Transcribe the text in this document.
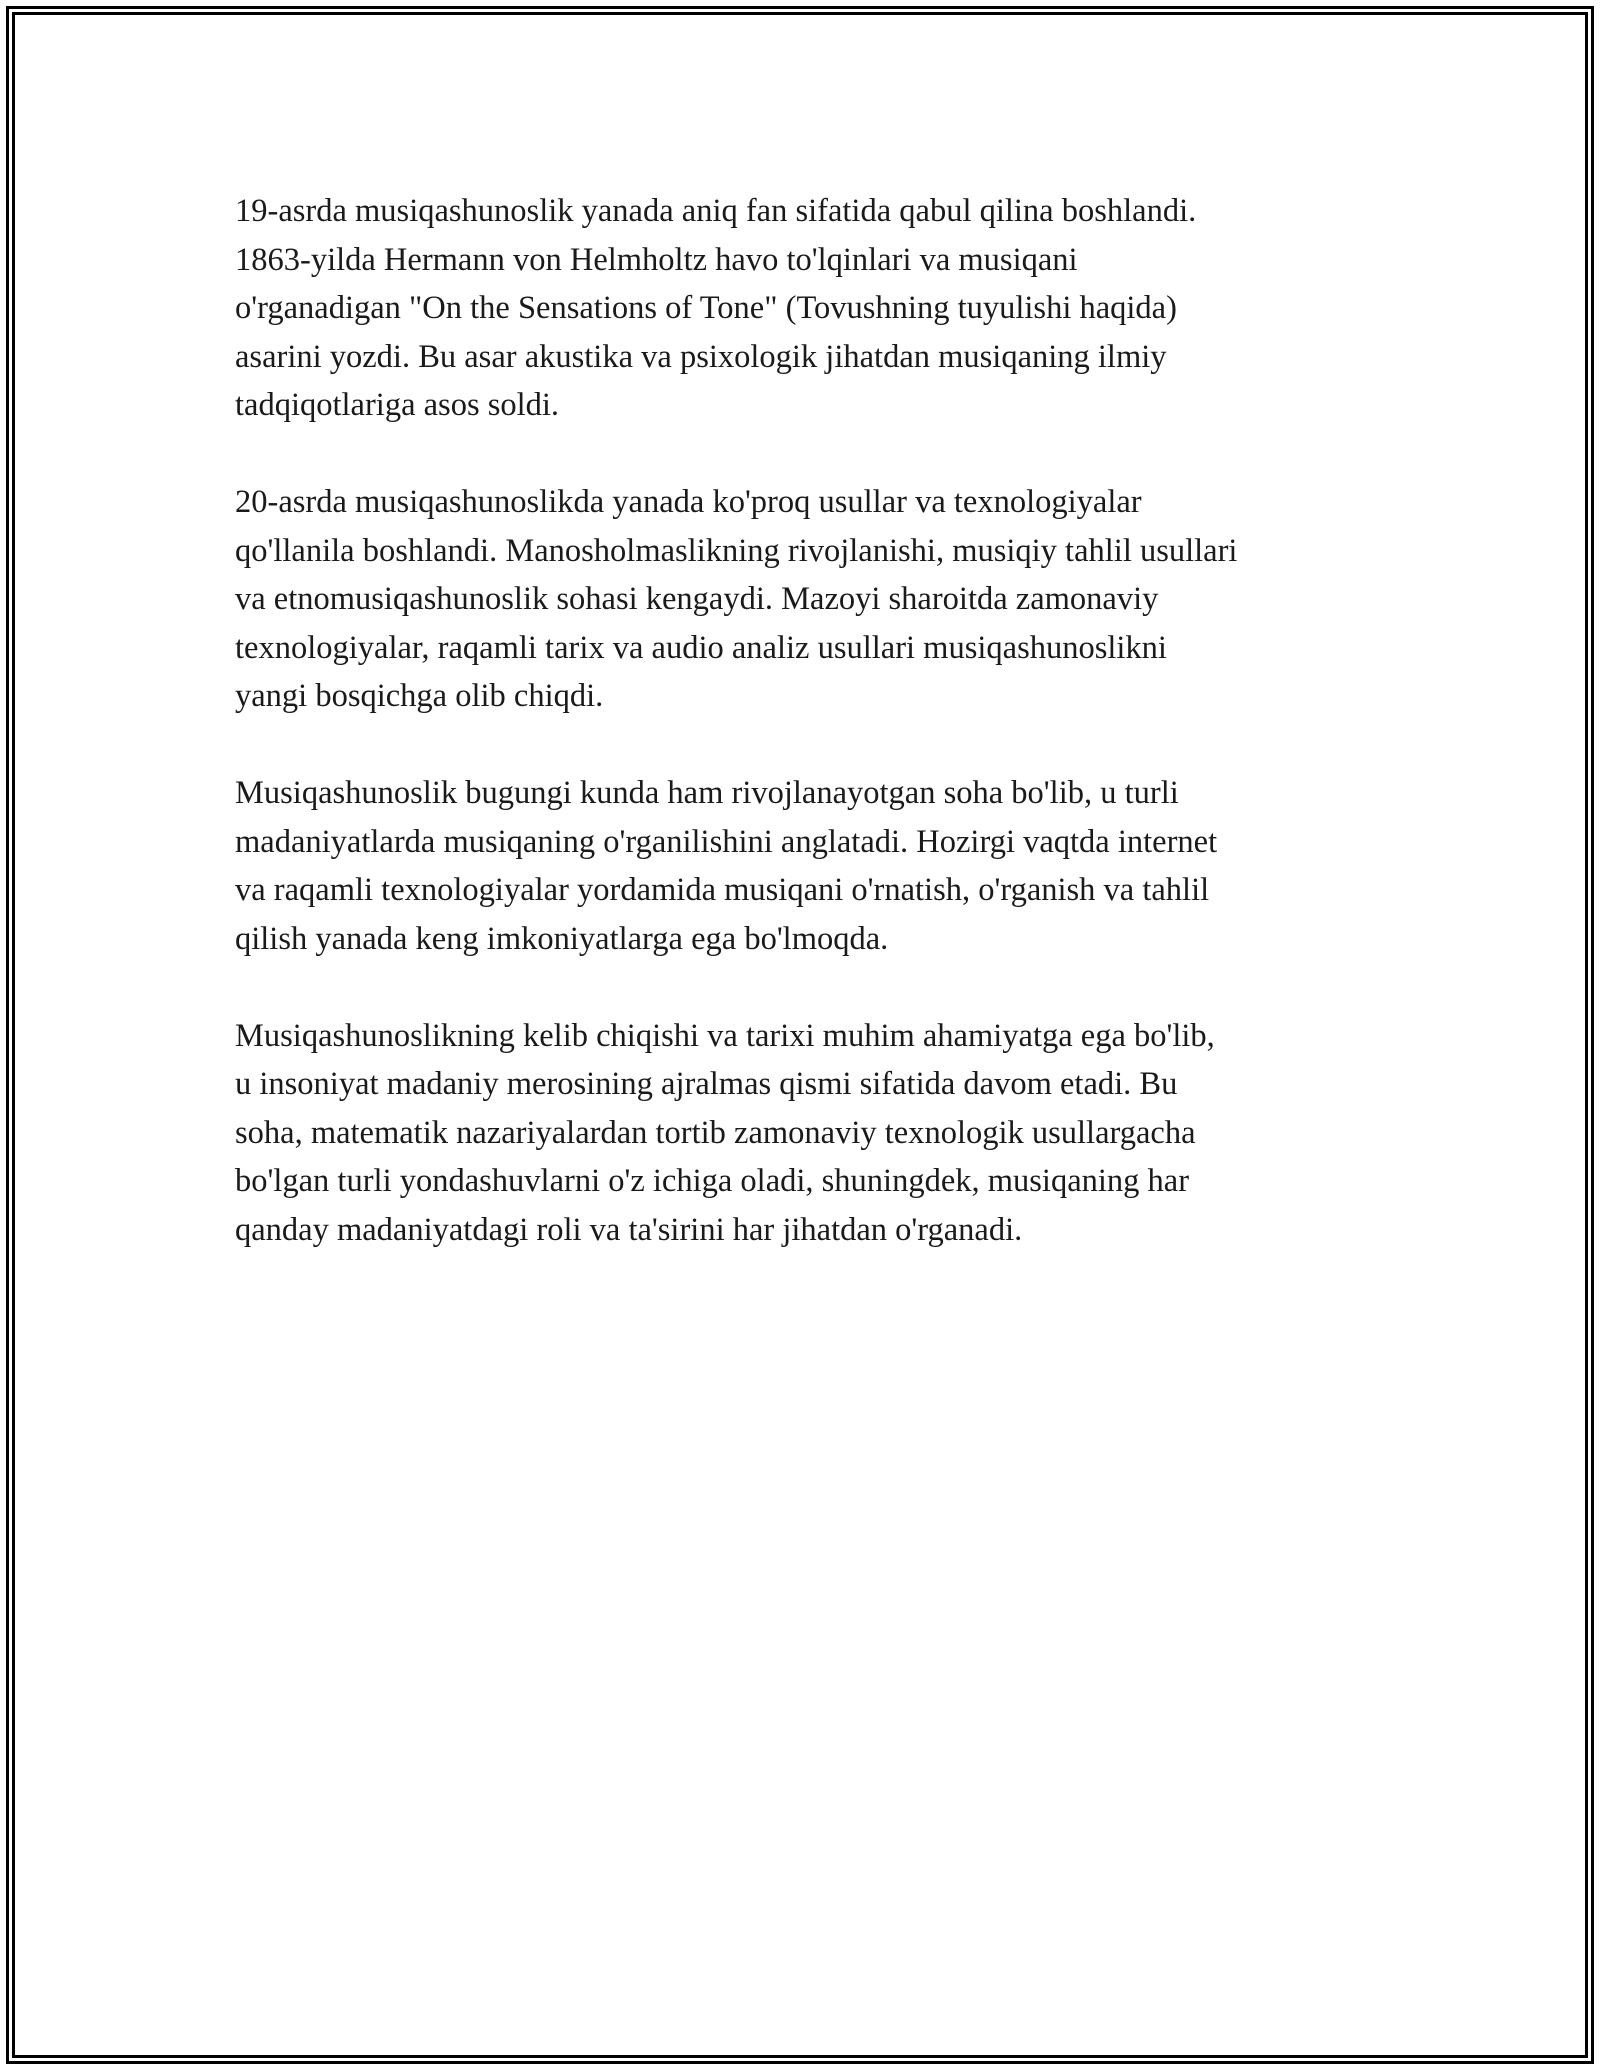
19-asrda musiqashunoslik yanada aniq fan sifatida qabul qilina boshlandi.
1863-yilda Hermann von Helmholtz havo to'lqinlari va musiqani
o'rganadigan "On the Sensations of Tone" (Tovushning tuyulishi haqida)
asarini yozdi. Bu asar akustika va psixologik jihatdan musiqaning ilmiy
tadqiqotlariga asos soldi.

20-asrda musiqashunoslikda yanada ko'proq usullar va texnologiyalar
qo'llanila boshlandi. Manosholmaslikning rivojlanishi, musiqiy tahlil usullari
va etnomusiqashunoslik sohasi kengaydi. Mazoyi sharoitda zamonaviy
texnologiyalar, raqamli tarix va audio analiz usullari musiqashunoslikni
yangi bosqichga olib chiqdi.

Musiqashunoslik bugungi kunda ham rivojlanayotgan soha bo'lib, u turli
madaniyatlarda musiqaning o'rganilishini anglatadi. Hozirgi vaqtda internet
va raqamli texnologiyalar yordamida musiqani o'rnatish, o'rganish va tahlil
qilish yanada keng imkoniyatlarga ega bo'lmoqda.

Musiqashunoslikning kelib chiqishi va tarixi muhim ahamiyatga ega bo'lib,
u insoniyat madaniy merosining ajralmas qismi sifatida davom etadi. Bu
soha, matematik nazariyalardan tortib zamonaviy texnologik usullargacha
bo'lgan turli yondashuvlarni o'z ichiga oladi, shuningdek, musiqaning har
qanday madaniyatdagi roli va ta'sirini har jihatdan o'rganadi.
